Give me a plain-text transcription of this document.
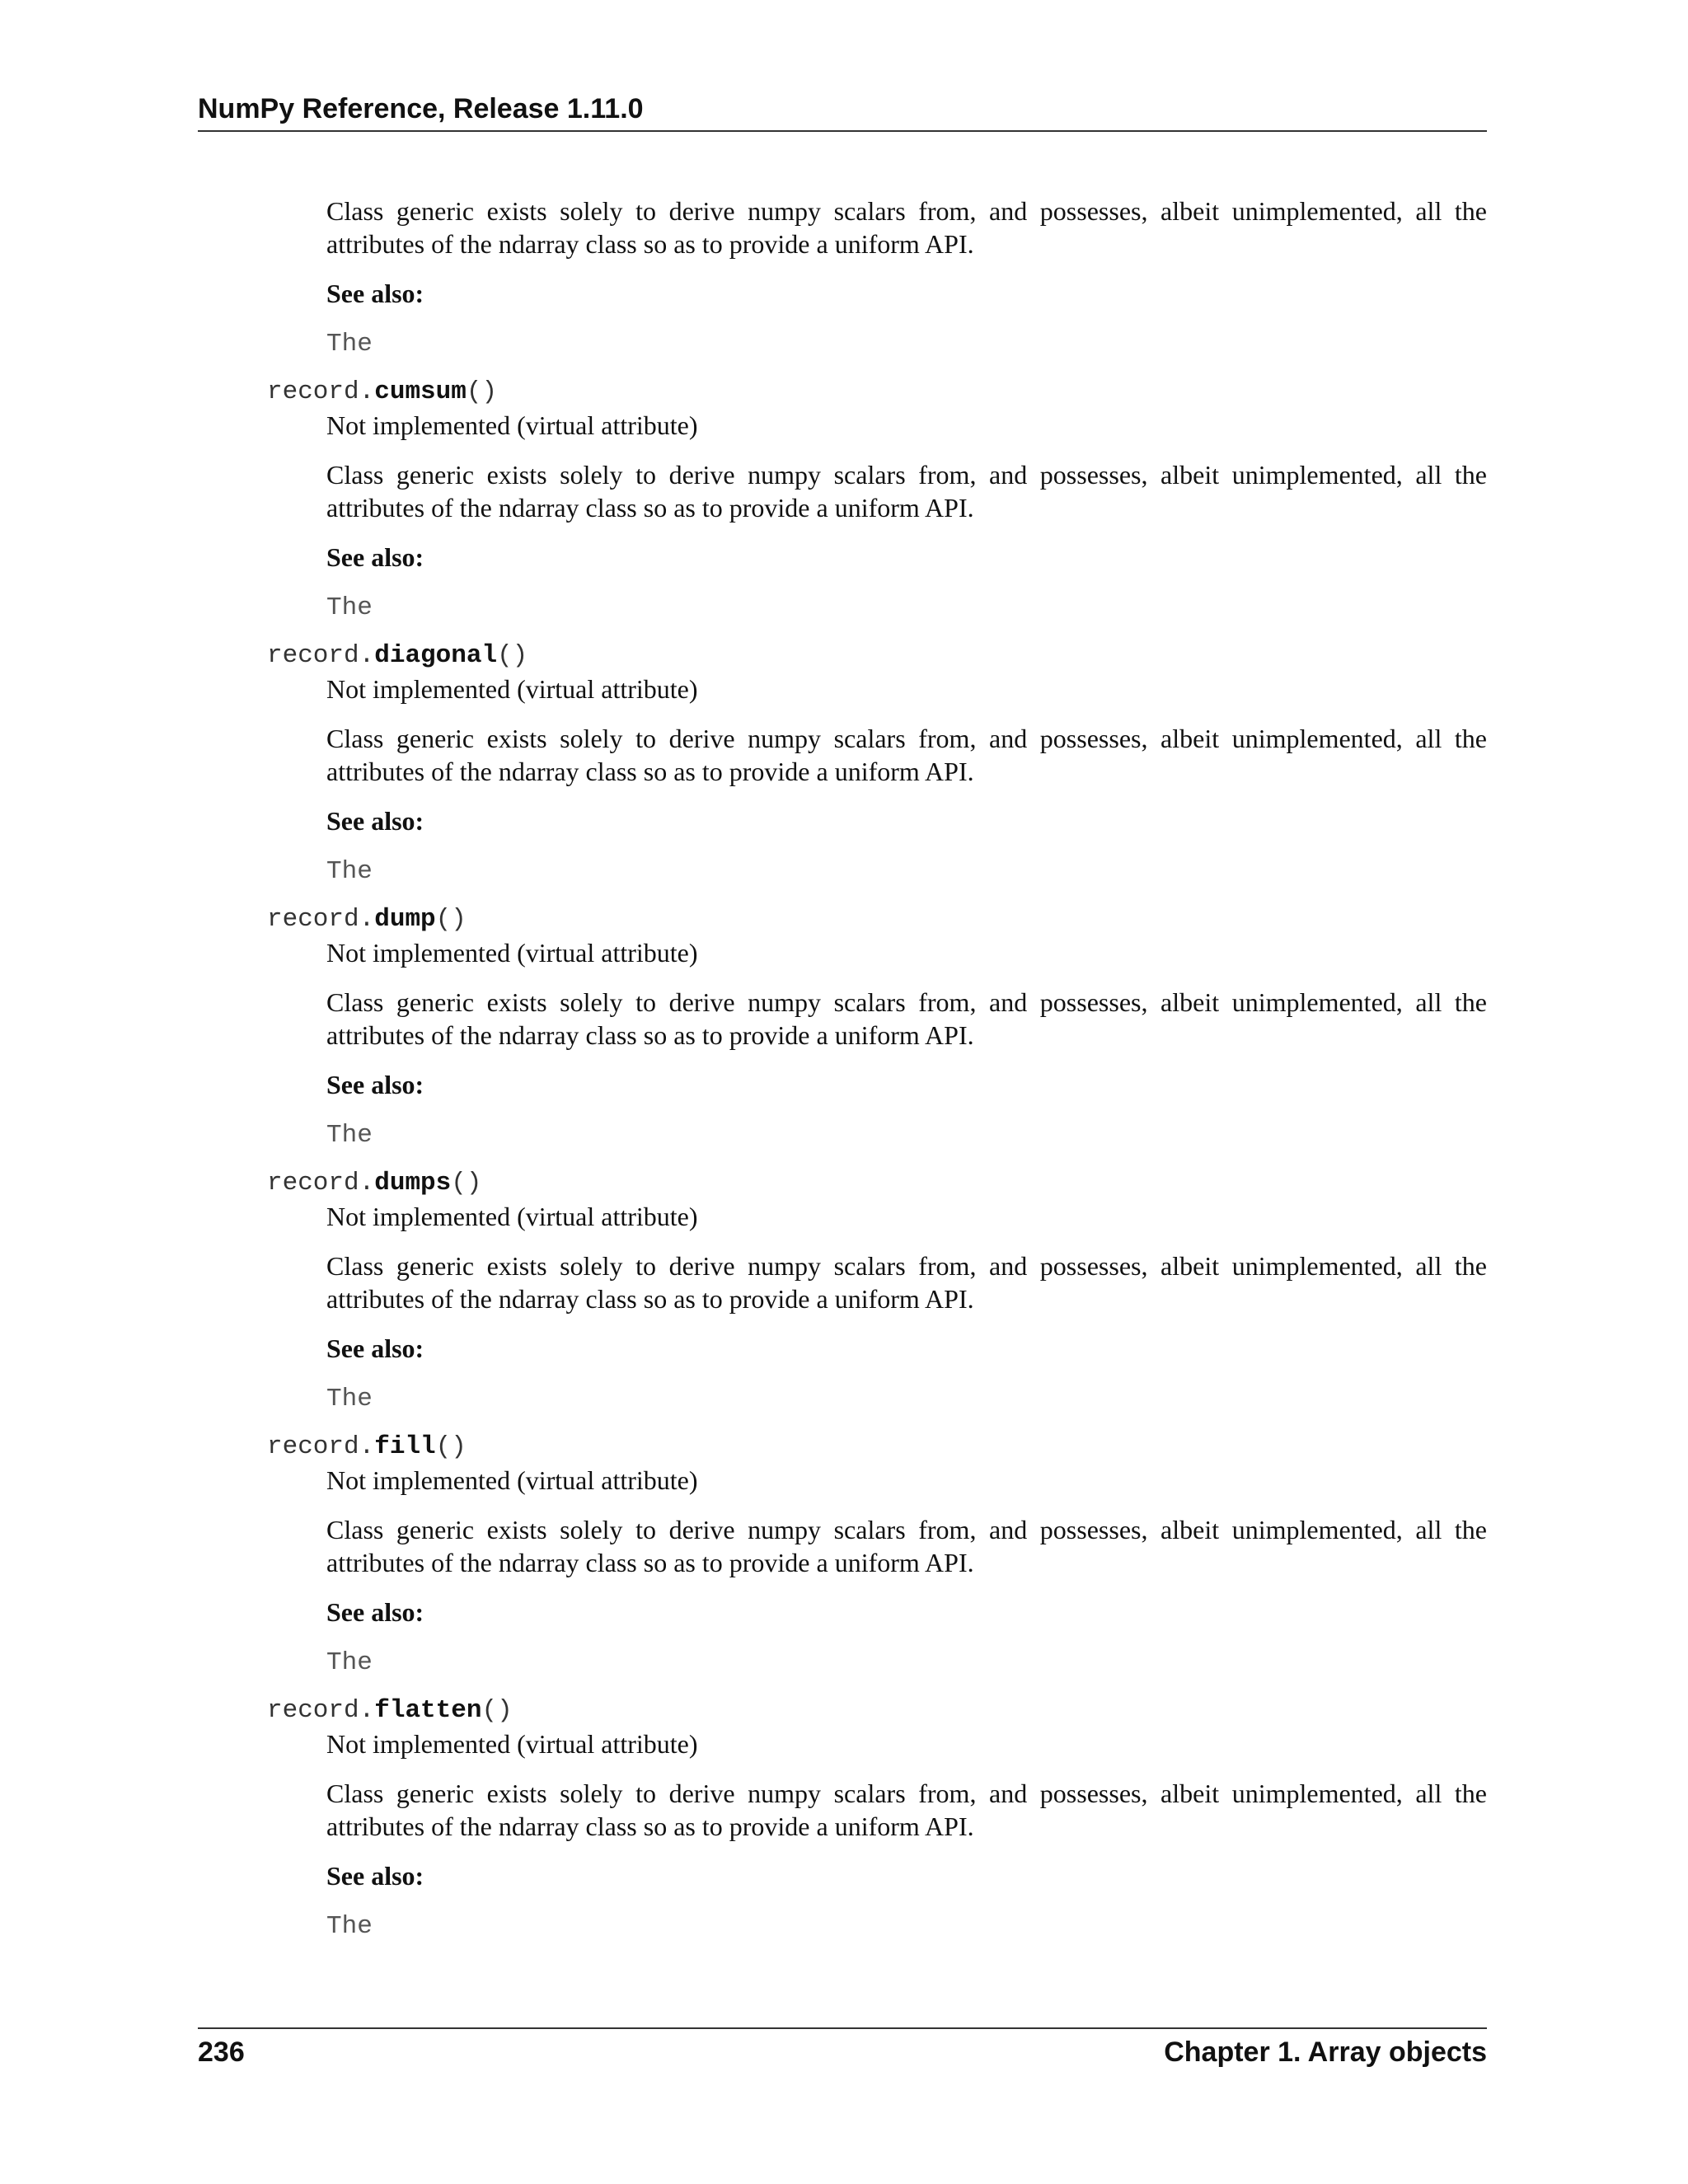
NumPy Reference, Release 1.11.0

Class generic exists solely to derive numpy scalars from, and possesses, albeit unimplemented, all the attributes of the ndarray class so as to provide a uniform API.

See also:
The
record.cumsum()
Not implemented (virtual attribute)

Class generic exists solely to derive numpy scalars from, and possesses, albeit unimplemented, all the attributes of the ndarray class so as to provide a uniform API.

See also:
The
record.diagonal()
Not implemented (virtual attribute)

Class generic exists solely to derive numpy scalars from, and possesses, albeit unimplemented, all the attributes of the ndarray class so as to provide a uniform API.

See also:
The
record.dump()
Not implemented (virtual attribute)

Class generic exists solely to derive numpy scalars from, and possesses, albeit unimplemented, all the attributes of the ndarray class so as to provide a uniform API.

See also:
The
record.dumps()
Not implemented (virtual attribute)

Class generic exists solely to derive numpy scalars from, and possesses, albeit unimplemented, all the attributes of the ndarray class so as to provide a uniform API.

See also:
The
record.fill()
Not implemented (virtual attribute)

Class generic exists solely to derive numpy scalars from, and possesses, albeit unimplemented, all the attributes of the ndarray class so as to provide a uniform API.

See also:
The
record.flatten()
Not implemented (virtual attribute)

Class generic exists solely to derive numpy scalars from, and possesses, albeit unimplemented, all the attributes of the ndarray class so as to provide a uniform API.

See also:
The
236	Chapter 1. Array objects
